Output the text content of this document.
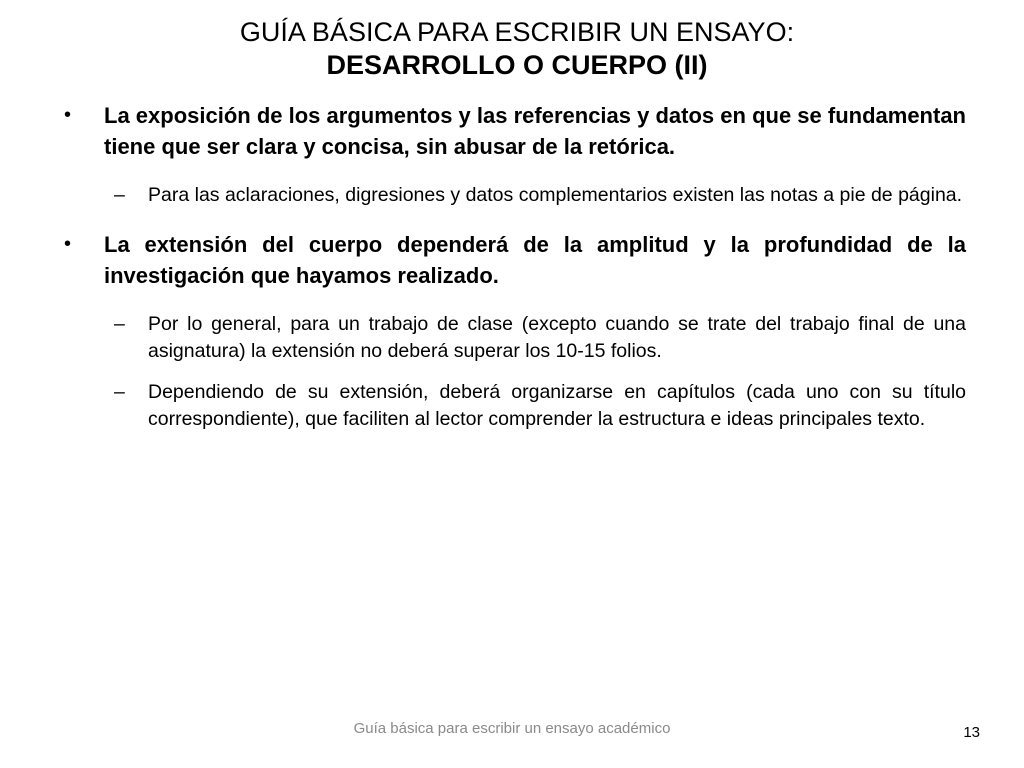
GUÍA BÁSICA PARA ESCRIBIR UN ENSAYO:
DESARROLLO O CUERPO (II)
• La exposición de los argumentos y las referencias y datos en que se fundamentan tiene que ser clara y concisa, sin abusar de la retórica.
– Para las aclaraciones, digresiones y datos complementarios existen las notas a pie de página.
• La extensión del cuerpo dependerá de la amplitud y la profundidad de la investigación que hayamos realizado.
– Por lo general, para un trabajo de clase (excepto cuando se trate del trabajo final de una asignatura) la extensión no deberá superar los 10-15 folios.
– Dependiendo de su extensión, deberá organizarse en capítulos (cada uno con su título correspondiente), que faciliten al lector comprender la estructura e ideas principales texto.
Guía básica para escribir un ensayo académico	13
